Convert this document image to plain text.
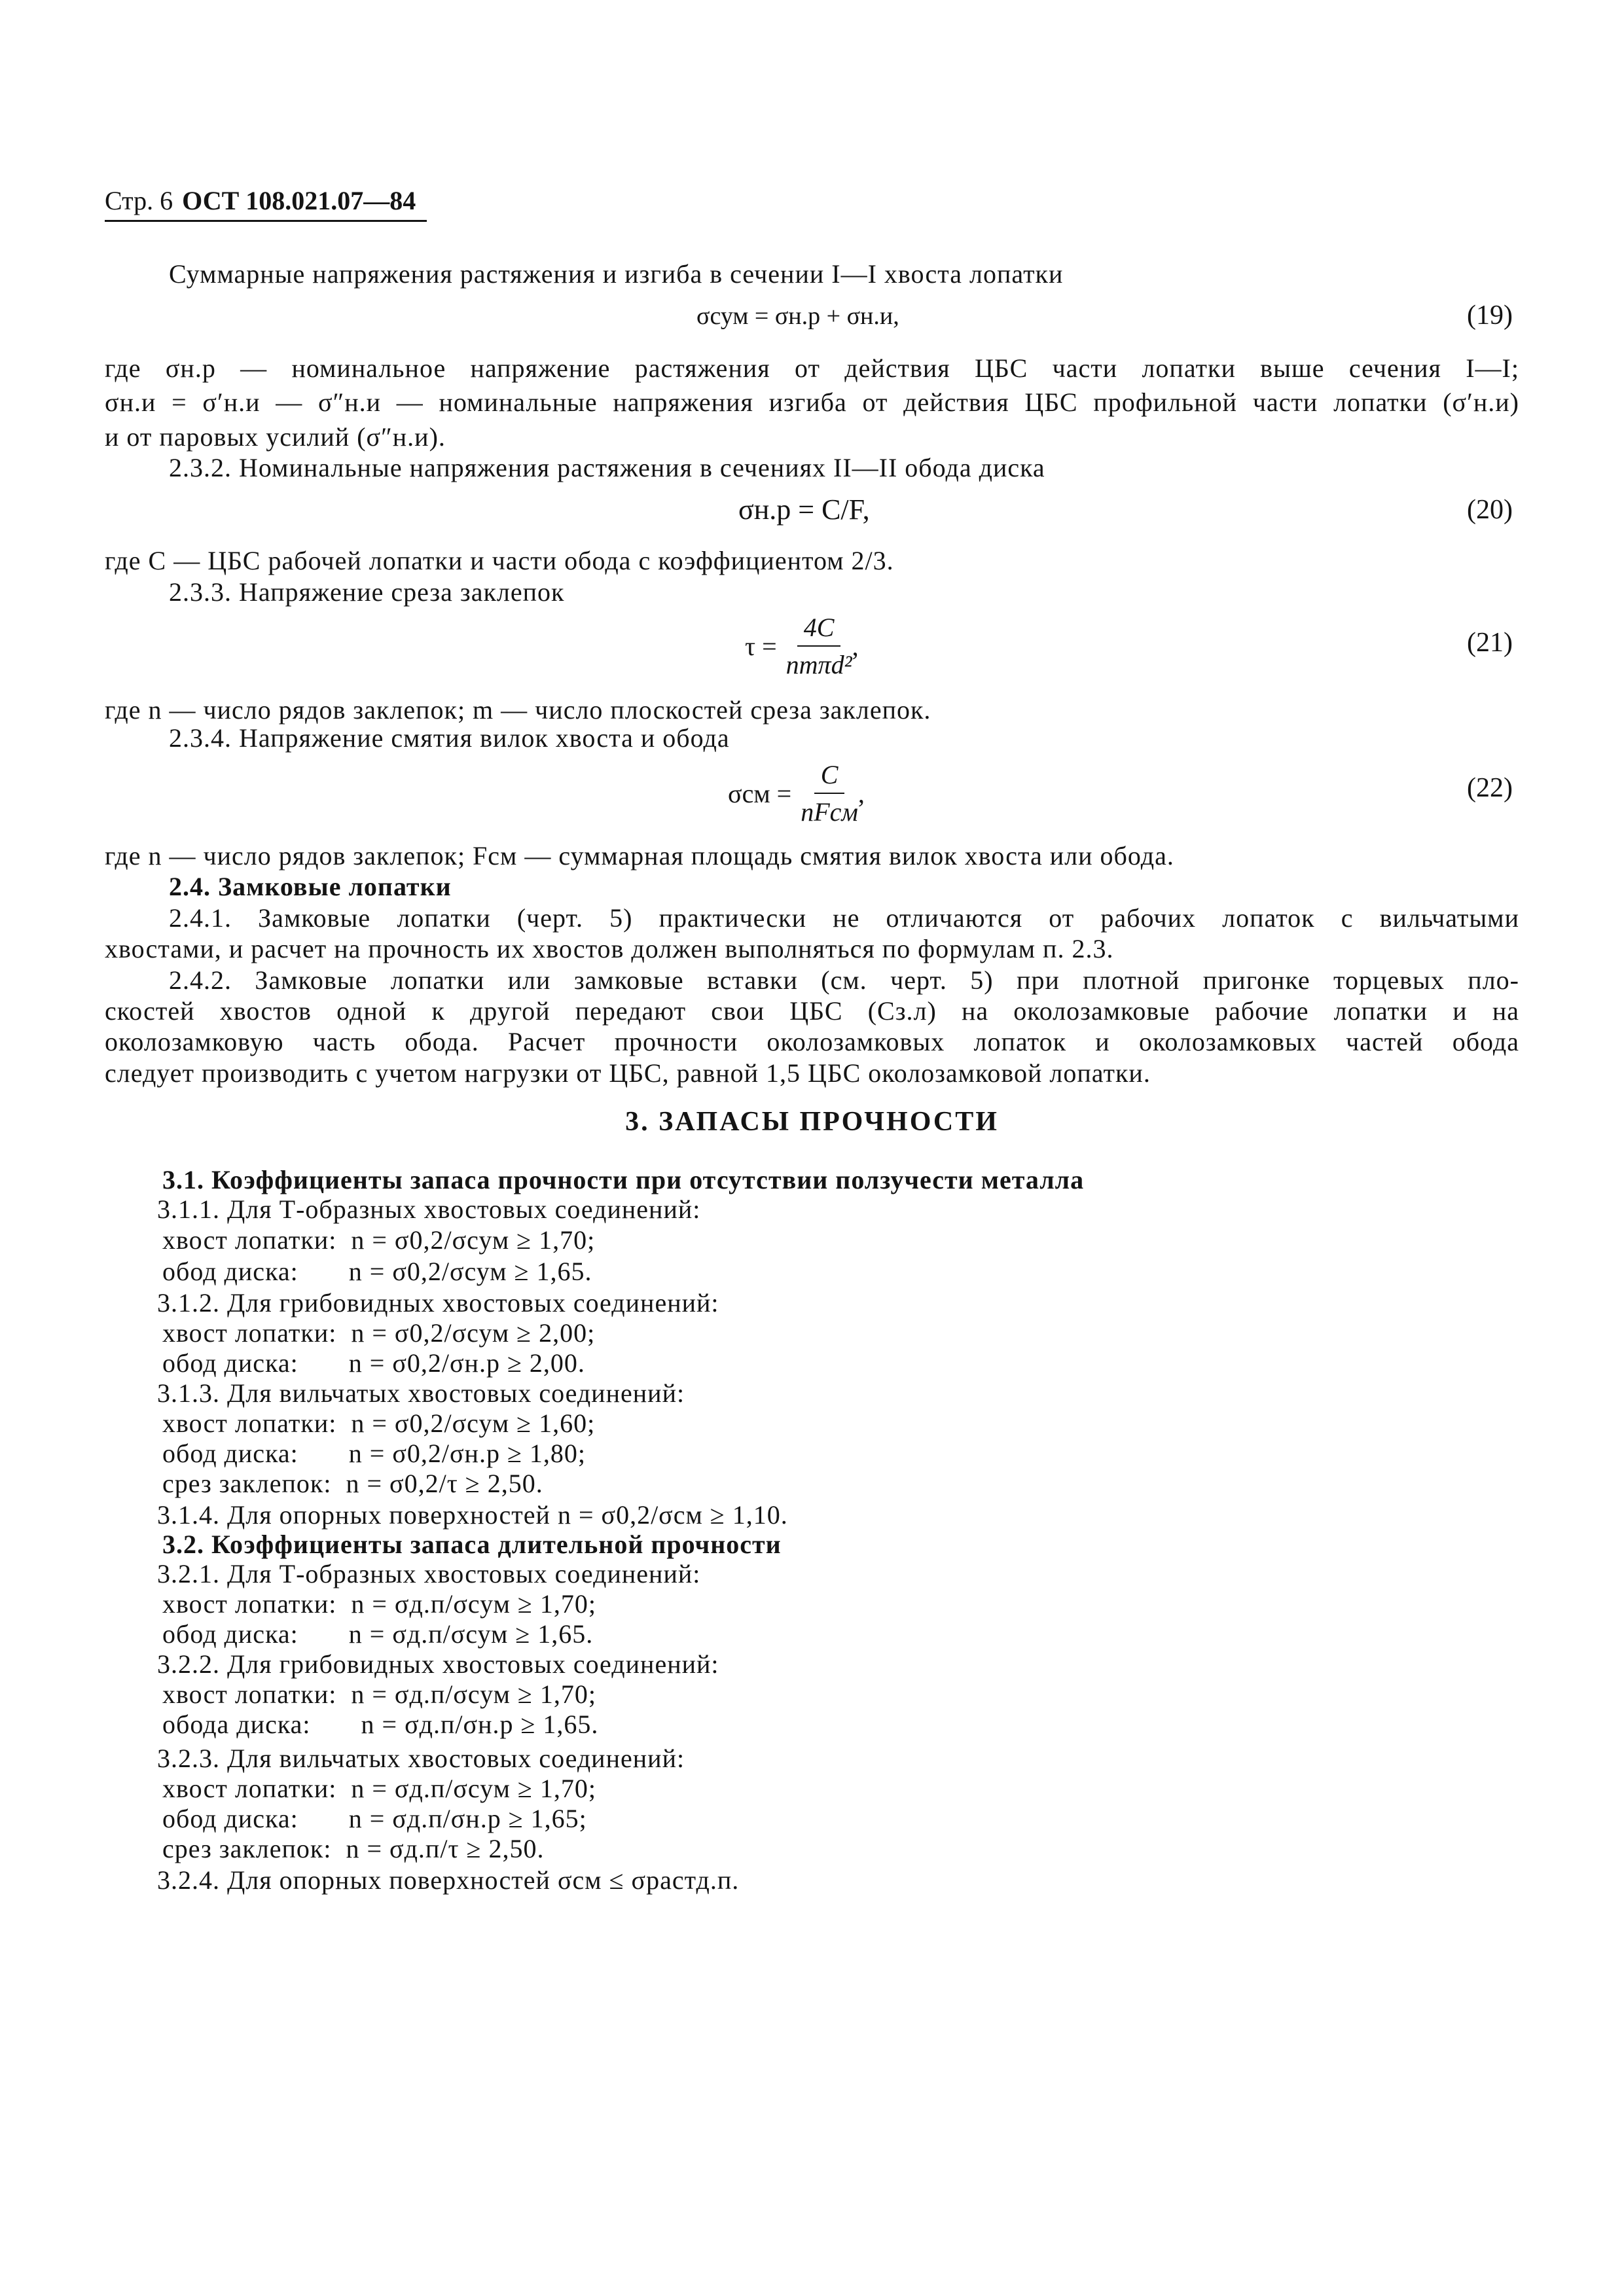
Стр. 6 ОСТ 108.021.07—84
Суммарные напряжения растяжения и изгиба в сечении I—I хвоста лопатки
σсум = σн.р + σн.и,	(19)
где σн.р — номинальное напряжение растяжения от действия ЦБС части лопатки выше сечения I—I;
σн.и = σ′н.и — σ″н.и — номинальные напряжения изгиба от действия ЦБС профильной части лопатки (σ′н.и)
и от паровых усилий (σ″н.и).
2.3.2. Номинальные напряжения растяжения в сечениях II—II обода диска
σн.р = C/F,	(20)
где C — ЦБС рабочей лопатки и части обода с коэффициентом 2/3.
2.3.3. Напряжение среза заклепок
$\tau = \frac{4C}{\text{nmπd²}}$ ,	(21)
где n — число рядов заклепок; m — число плоскостей среза заклепок.
2.3.4. Напряжение смятия вилок хвоста и обода
$\sigma см = \frac{C}{\text{nFсм}}$ ,	(22)
где n — число рядов заклепок; Fсм — суммарная площадь смятия вилок хвоста или обода.
2.4. Замковые лопатки
2.4.1. Замковые лопатки (черт. 5) практически не отличаются от рабочих лопаток с вильчатыми
хвостами, и расчет на прочность их хвостов должен выполняться по формулам п. 2.3.
2.4.2. Замковые лопатки или замковые вставки (см. черт. 5) при плотной пригонке торцевых пло-
скостей хвостов одной к другой передают свои ЦБС (Cз.л) на околозамковые рабочие лопатки и на
околозамковую часть обода. Расчет прочности околозамковых лопаток и околозамковых частей обода
следует производить с учетом нагрузки от ЦБС, равной 1,5 ЦБС околозамковой лопатки.
3. ЗАПАСЫ ПРОЧНОСТИ
3.1. Коэффициенты запаса прочности при отсутствии ползучести металла
3.1.1. Для Т-образных хвостовых соединений:
хвост лопатки:  n = σ0,2/σсум ≥ 1,70;
обод диска:       n = σ0,2/σсум ≥ 1,65.
3.1.2. Для грибовидных хвостовых соединений:
хвост лопатки:  n = σ0,2/σсум ≥ 2,00;
обод диска:       n = σ0,2/σн.р ≥ 2,00.
3.1.3. Для вильчатых хвостовых соединений:
хвост лопатки:  n = σ0,2/σсум ≥ 1,60;
обод диска:       n = σ0,2/σн.р ≥ 1,80;
срез заклепок:  n = σ0,2/τ ≥ 2,50.
3.1.4. Для опорных поверхностей n = σ0,2/σсм ≥ 1,10.
3.2. Коэффициенты запаса длительной прочности
3.2.1. Для Т-образных хвостовых соединений:
хвост лопатки:  n = σд.п/σсум ≥ 1,70;
обод диска:       n = σд.п/σсум ≥ 1,65.
3.2.2. Для грибовидных хвостовых соединений:
хвост лопатки:  n = σд.п/σсум ≥ 1,70;
обода диска:       n = σд.п/σн.р ≥ 1,65.
3.2.3. Для вильчатых хвостовых соединений:
хвост лопатки:  n = σд.п/σсум ≥ 1,70;
обод диска:       n = σд.п/σн.р ≥ 1,65;
срез заклепок:  n = σд.п/τ ≥ 2,50.
3.2.4. Для опорных поверхностей σсм ≤ σрастд.п.
